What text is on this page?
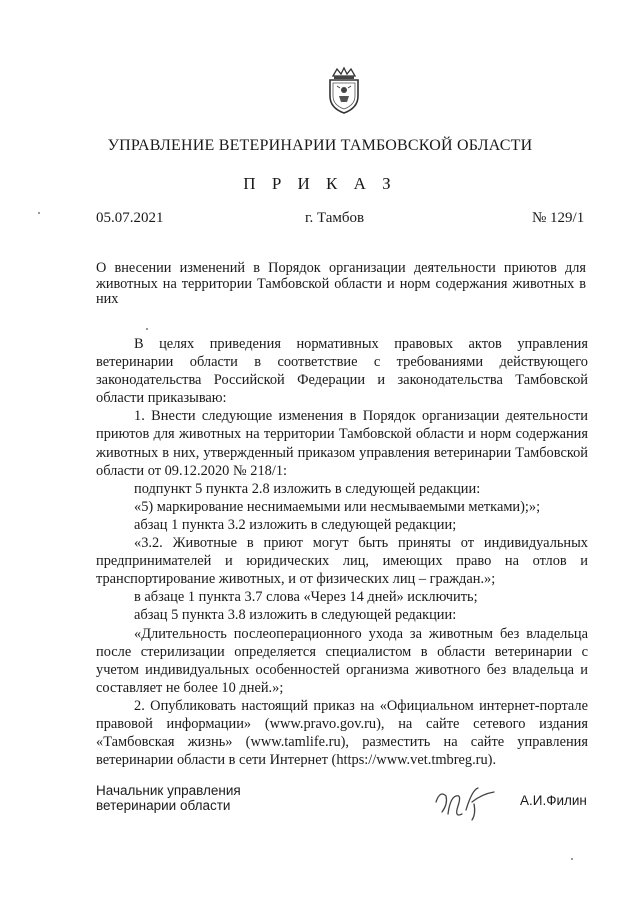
УПРАВЛЕНИЕ ВЕТЕРИНАРИИ ТАМБОВСКОЙ ОБЛАСТИ
П Р И К А З
05.07.2021	г. Тамбов	№ 129/1
О внесении изменений в Порядок организации деятельности приютов для животных на территории Тамбовской области и норм содержания животных в них

В целях приведения нормативных правовых актов управления ветеринарии области в соответствие с требованиями действующего законодательства Российской Федерации и законодательства Тамбовской области приказываю:

1. Внести следующие изменения в Порядок организации деятельности приютов для животных на территории Тамбовской области и норм содержания животных в них, утвержденный приказом управления ветеринарии Тамбовской области от 09.12.2020 № 218/1:

подпункт 5 пункта 2.8 изложить в следующей редакции:

«5) маркирование неснимаемыми или несмываемыми метками);»;

абзац 1 пункта 3.2 изложить в следующей редакции;

«3.2. Животные в приют могут быть приняты от индивидуальных предпринимателей и юридических лиц, имеющих право на отлов и транспортирование животных, и от физических лиц – граждан.»;

в абзаце 1 пункта 3.7 слова «Через 14 дней» исключить;

абзац 5 пункта 3.8 изложить в следующей редакции:

«Длительность послеоперационного ухода за животным без владельца после стерилизации определяется специалистом в области ветеринарии с учетом индивидуальных особенностей организма животного без владельца и составляет не более 10 дней.»;

2. Опубликовать настоящий приказ на «Официальном интернет-портале правовой информации» (www.pravo.gov.ru), на сайте сетевого издания «Тамбовская жизнь» (www.tamlife.ru), разместить на сайте управления ветеринарии области в сети Интернет (https://www.vet.tmbreg.ru).

Начальник управления
ветеринарии области	А.И.Филин
